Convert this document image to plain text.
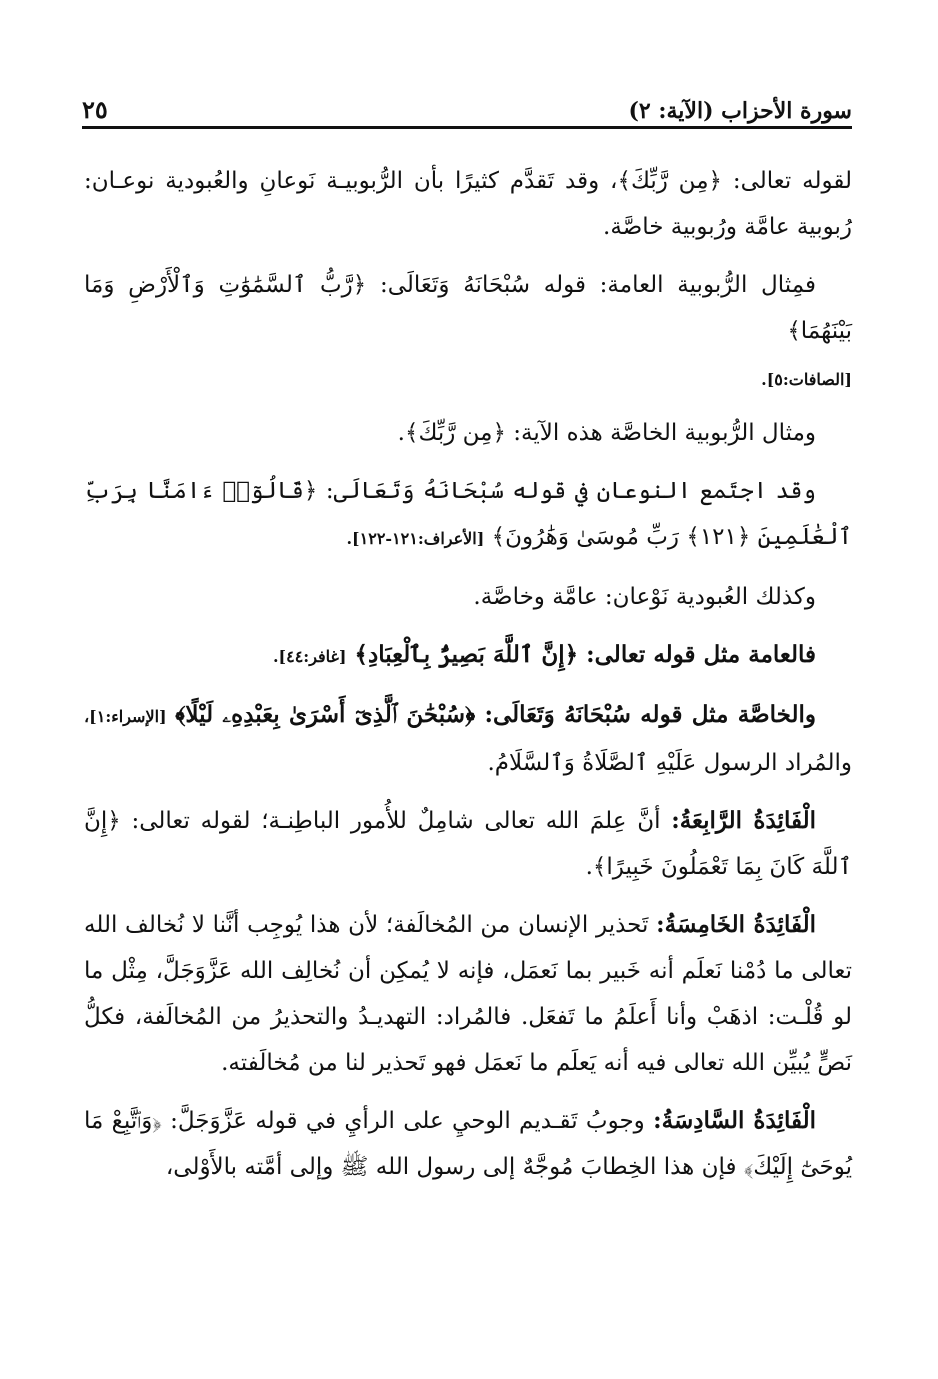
سورة الأحزاب (الآية: ٢)
٢٥

لقوله تعالى: ﴿مِن رَّبِّكَ﴾، وقد تَقدَّم كثيرًا بأن الرُّبوبيـة نَوعانِ والعُبودية نوعـان: رُبوبية عامَّة ورُبوبية خاصَّة.

فمِثال الرُّبوبية العامة: قوله سُبْحَانَهُ وَتَعَالَى: ﴿رَّبُّ ٱلسَّمَٰوَٰتِ وَٱلْأَرْضِ وَمَا بَيْنَهُمَا﴾

[الصافات:٥].

ومثال الرُّبوبية الخاصَّة هذه الآية: ﴿مِن رَّبِّكَ﴾.

وقد اجتَمع النوعان في قوله سُبْحَانَهُ وَتَعَالَى: ﴿قَالُوٓا۟ ءَامَنَّا بِرَبِّ ٱلْعَٰلَمِينَ ﴿١٢١﴾ رَبِّ مُوسَىٰ وَهَٰرُونَ﴾ [الأعراف:١٢١-١٢٢].

وكذلك العُبودية نَوْعان: عامَّة وخاصَّة.

فالعامة مثل قوله تعالى: ﴿إِنَّ ٱللَّهَ بَصِيرٌۢ بِٱلْعِبَادِ﴾ [غافر:٤٤].

والخاصَّة مثل قوله سُبْحَانَهُ وَتَعَالَى: ﴿سُبْحَٰنَ ٱلَّذِىٓ أَسْرَىٰ بِعَبْدِهِۦ لَيْلًا﴾ [الإسراء:١]، والمُراد الرسول عَلَيْهِ ٱلصَّلَاةُ وَٱلسَّلَامُ.

الْفَائِدَةُ الرَّابِعَةُ: أنَّ عِلمَ الله تعالى شامِلٌ للأُمور الباطِنـة؛ لقوله تعالى: ﴿إِنَّ ٱللَّهَ كَانَ بِمَا تَعْمَلُونَ خَبِيرًا﴾.

الْفَائِدَةُ الخَامِسَةُ: تَحذير الإنسان من المُخالَفة؛ لأن هذا يُوجِب أنَّنا لا نُخالف الله تعالى ما دُمْنا نَعلَم أنه خَبير بما نَعمَل، فإنه لا يُمكِن أن نُخالِف الله عَزَّوَجَلَّ، مِثْل ما لو قُلْـت: اذهَبْ وأنا أَعلَمُ ما تَفعَل. فالمُراد: التهديـدُ والتحذيرُ من المُخالَفة، فكلُّ نَصٍّ يُبيِّن الله تعالى فيه أنه يَعلَم ما نَعمَل فهو تَحذير لنا من مُخالَفته.

الْفَائِدَةُ السَّادِسَةُ: وجوبُ تَقـديم الوحيِ على الرأيِ في قوله عَزَّوَجَلَّ: ﴿وَٱتَّبِعْ مَا يُوحَىٰٓ إِلَيْكَ﴾ فإن هذا الخِطابَ مُوجَّهٌ إلى رسول الله ﷺ وإلى أمَّته بالأَوْلى،
